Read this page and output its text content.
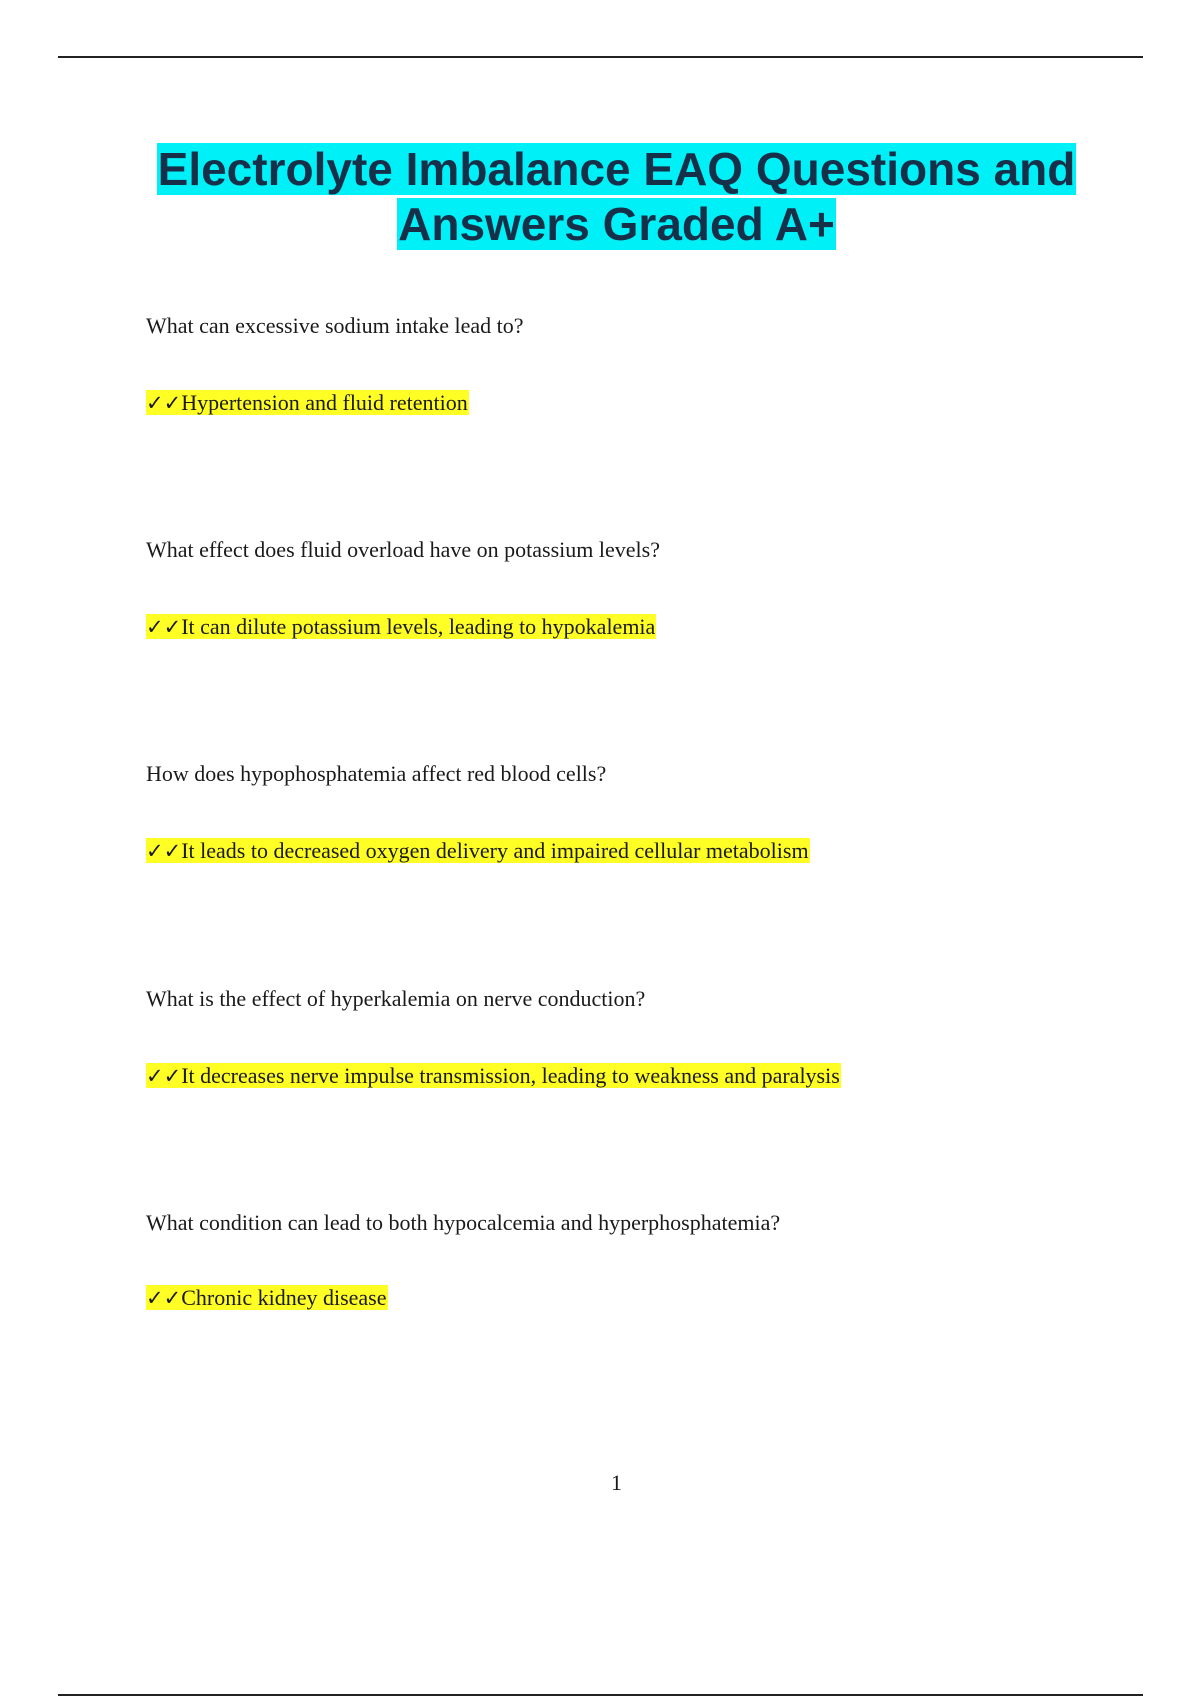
Electrolyte Imbalance EAQ Questions and Answers Graded A+

What can excessive sodium intake lead to?

✓✓Hypertension and fluid retention

What effect does fluid overload have on potassium levels?

✓✓It can dilute potassium levels, leading to hypokalemia

How does hypophosphatemia affect red blood cells?

✓✓It leads to decreased oxygen delivery and impaired cellular metabolism

What is the effect of hyperkalemia on nerve conduction?

✓✓It decreases nerve impulse transmission, leading to weakness and paralysis

What condition can lead to both hypocalcemia and hyperphosphatemia?

✓✓Chronic kidney disease

1
